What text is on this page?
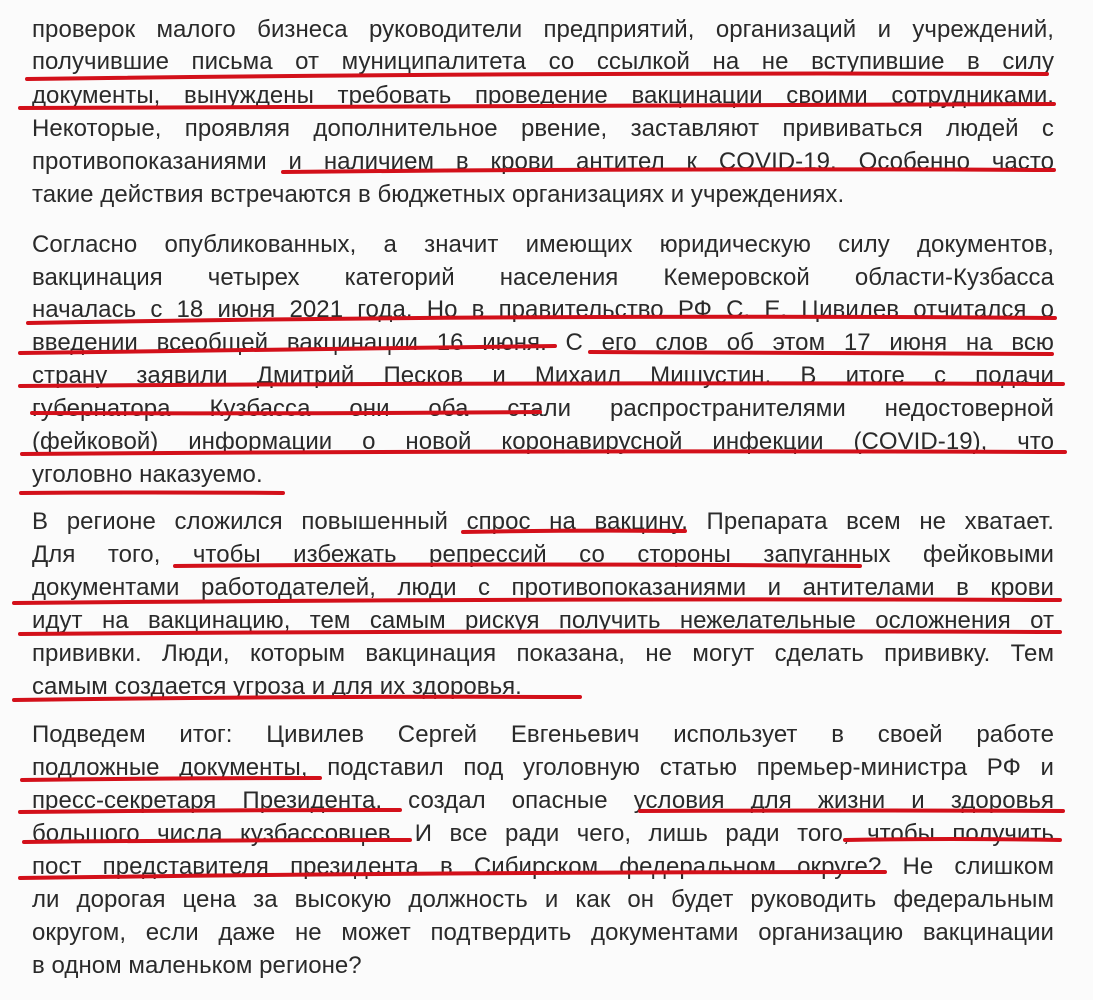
проверок малого бизнеса руководители предприятий, организаций и учреждений,
получившие письма от муниципалитета со ссылкой на не вступившие в силу
документы, вынуждены требовать проведение вакцинации своими сотрудниками.
Некоторые, проявляя дополнительное рвение, заставляют прививаться людей с
противопоказаниями и наличием в крови антител к COVID-19. Особенно часто
такие действия встречаются в бюджетных организациях и учреждениях.
Согласно опубликованных, а значит имеющих юридическую силу документов,
вакцинация четырех категорий населения Кемеровской области-Кузбасса
началась с 18 июня 2021 года. Но в правительство РФ С. Е. Цивилев отчитался о
введении всеобщей вакцинации 16 июня. С его слов об этом 17 июня на всю
страну заявили Дмитрий Песков и Михаил Мишустин. В итоге с подачи
губернатора Кузбасса они оба стали распространителями недостоверной
(фейковой) информации о новой коронавирусной инфекции (COVID-19), что
уголовно наказуемо.
В регионе сложился повышенный спрос на вакцину. Препарата всем не хватает.
Для того, чтобы избежать репрессий со стороны запуганных фейковыми
документами работодателей, люди с противопоказаниями и антителами в крови
идут на вакцинацию, тем самым рискуя получить нежелательные осложнения от
прививки. Люди, которым вакцинация показана, не могут сделать прививку. Тем
самым создается угроза и для их здоровья.
Подведем итог: Цивилев Сергей Евгеньевич использует в своей работе
подложные документы, подставил под уголовную статью премьер-министра РФ и
пресс-секретаря Президента, создал опасные условия для жизни и здоровья
большого числа кузбассовцев. И все ради чего, лишь ради того, чтобы получить
пост представителя президента в Сибирском федеральном округе? Не слишком
ли дорогая цена за высокую должность и как он будет руководить федеральным
округом, если даже не может подтвердить документами организацию вакцинации
в одном маленьком регионе?
